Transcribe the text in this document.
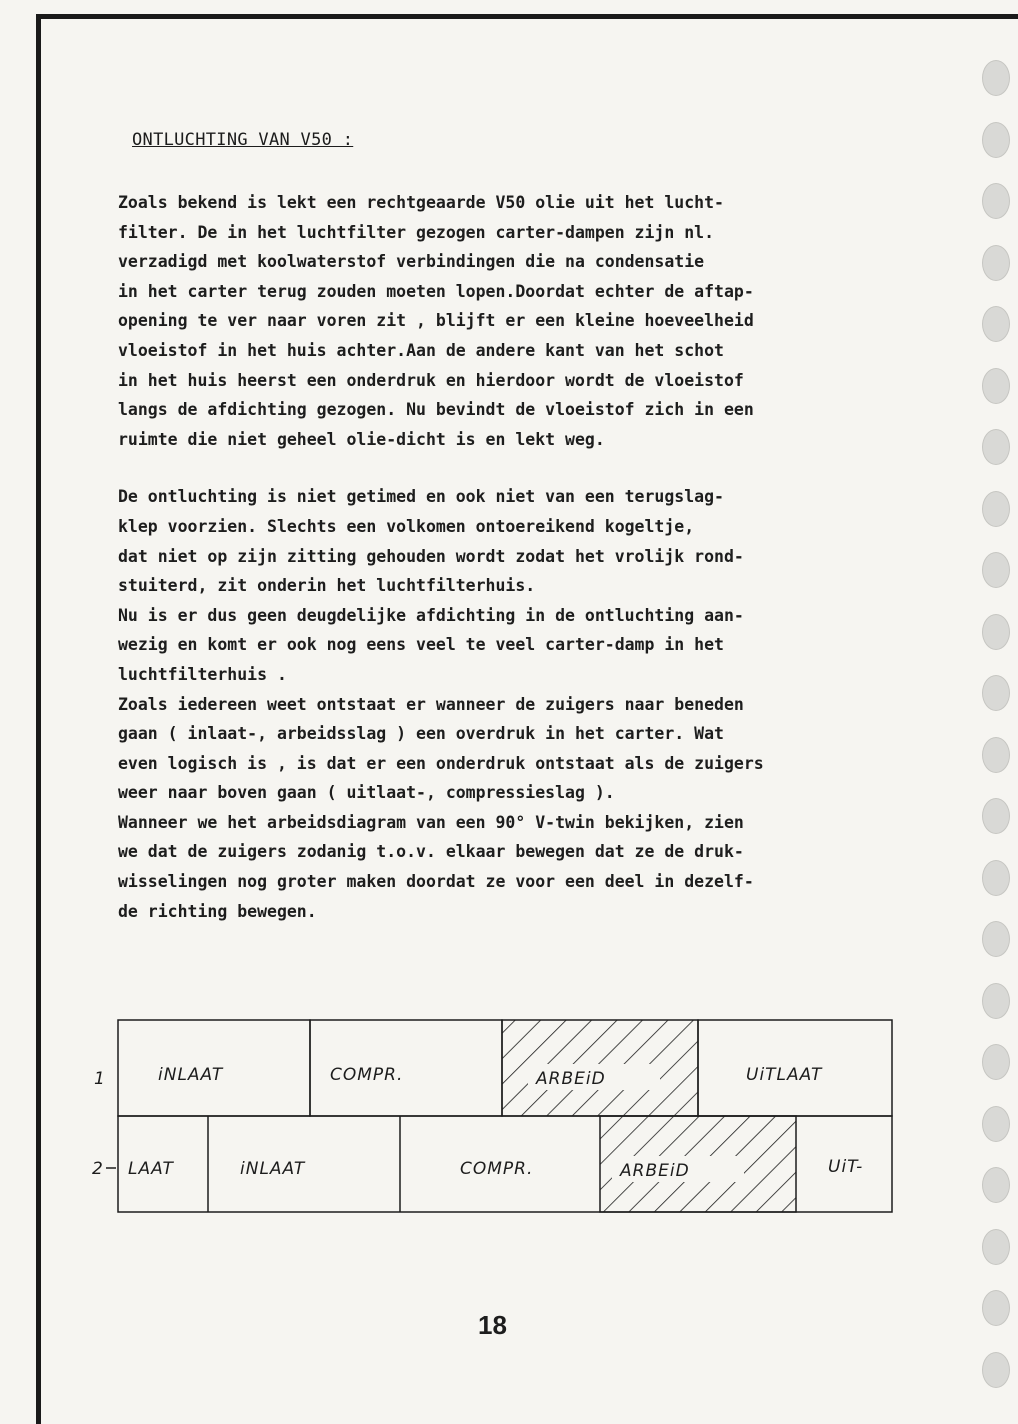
ONTLUCHTING VAN V50 :
Zoals bekend is lekt een rechtgeaarde V50 olie uit het lucht-
filter. De in het luchtfilter gezogen carter-dampen zijn nl.
verzadigd met koolwaterstof verbindingen die na condensatie
in het carter terug zouden moeten lopen.Doordat echter de aftap-
opening te ver naar voren zit , blijft er een kleine hoeveelheid
vloeistof in het huis achter.Aan de andere kant van het schot
in het huis heerst een onderdruk en hierdoor wordt de vloeistof
langs de afdichting gezogen. Nu bevindt de vloeistof zich in een
ruimte die niet geheel olie-dicht is en lekt weg.
De ontluchting is niet getimed en ook niet van een terugslag-
klep voorzien. Slechts een volkomen ontoereikend kogeltje,
dat niet op zijn zitting gehouden wordt zodat het vrolijk rond-
stuiterd, zit onderin het luchtfilterhuis.
Nu is er dus geen deugdelijke afdichting in de ontluchting aan-
wezig en komt er ook nog eens veel te veel carter-damp in het
luchtfilterhuis .
Zoals iedereen weet ontstaat er wanneer de zuigers naar beneden
gaan ( inlaat-, arbeidsslag ) een overdruk in het carter. Wat
even logisch is , is dat er een onderdruk ontstaat als de zuigers
weer naar boven gaan ( uitlaat-, compressieslag ).
Wanneer we het arbeidsdiagram van een 90° V-twin bekijken, zien
we dat de zuigers zodanig t.o.v. elkaar bewegen dat ze de druk-
wisselingen nog groter maken doordat ze voor een deel in dezelf-
de richting bewegen.
1
2
iNLAAT	COMPR.	ARBEiD	UiTLAAT
LAAT	iNLAAT	COMPR.	ARBEiD	UiT-
18
